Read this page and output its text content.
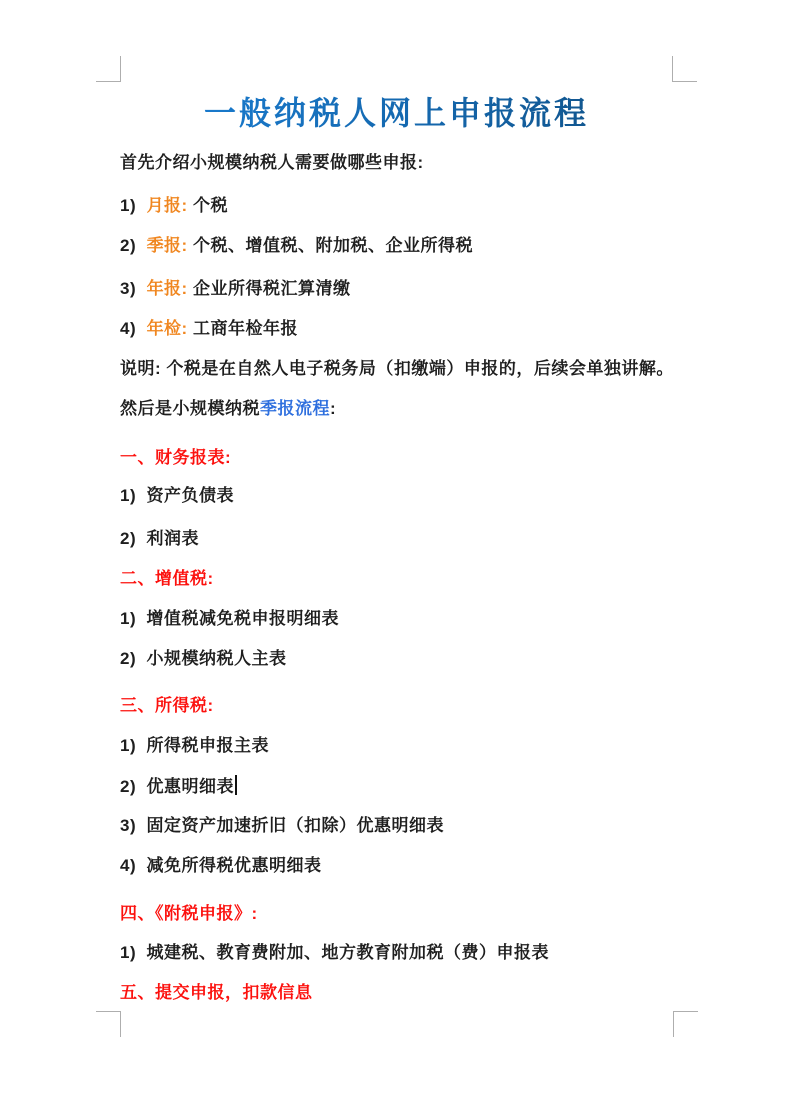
一般纳税人网上申报流程
首先介绍小规模纳税人需要做哪些申报:
1)  月报: 个税
2)  季报: 个税、增值税、附加税、企业所得税
3)  年报: 企业所得税汇算清缴
4)  年检: 工商年检年报
说明: 个税是在自然人电子税务局（扣缴端）申报的，后续会单独讲解。
然后是小规模纳税季报流程:
一、财务报表:
1)  资产负债表
2)  利润表
二、增值税:
1)  增值税减免税申报明细表
2)  小规模纳税人主表
三、所得税:
1)  所得税申报主表
2)  优惠明细表
3)  固定资产加速折旧（扣除）优惠明细表
4)  减免所得税优惠明细表
四、《附税申报》:
1)  城建税、教育费附加、地方教育附加税（费）申报表
五、提交申报，扣款信息
